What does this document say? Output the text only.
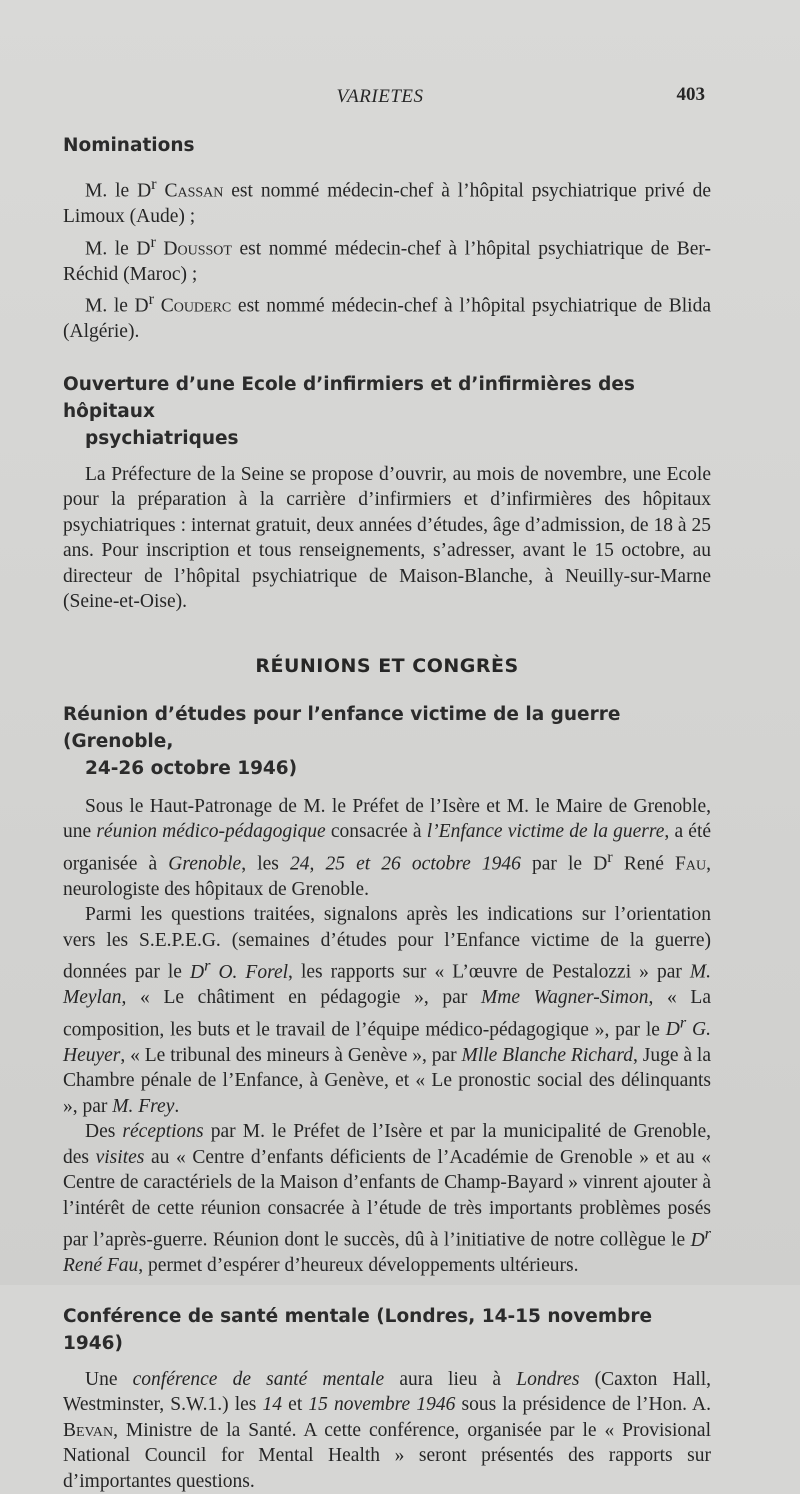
VARIETES	403
Nominations

M. le $D^r$ Cassan est nommé médecin-chef à l’hôpital psychiatrique privé de Limoux (Aude) ;

M. le $D^r$ Doussot est nommé médecin-chef à l’hôpital psychiatrique de Ber-Réchid (Maroc) ;

M. le $D^r$ Couderc est nommé médecin-chef à l’hôpital psychiatrique de Blida (Algérie).

Ouverture d’une Ecole d’infirmiers et d’infirmières des hôpitaux
psychiatriques

La Préfecture de la Seine se propose d’ouvrir, au mois de novembre, une Ecole pour la préparation à la carrière d’infirmiers et d’infirmières des hôpitaux psychiatriques : internat gratuit, deux années d’études, âge d’admission, de 18 à 25 ans. Pour inscription et tous renseignements, s’adresser, avant le 15 octobre, au directeur de l’hôpital psychiatrique de Maison-Blanche, à Neuilly-sur-Marne (Seine-et-Oise).

RÉUNIONS ET CONGRÈS
Réunion d’études pour l’enfance victime de la guerre (Grenoble,
24-26 octobre 1946)

Sous le Haut-Patronage de M. le Préfet de l’Isère et M. le Maire de Grenoble, une réunion médico-pédagogique consacrée à l’Enfance victime de la guerre, a été organisée à Grenoble, les 24, 25 et 26 octobre 1946 par le $D^r$ René Fau, neurologiste des hôpitaux de Grenoble.

Parmi les questions traitées, signalons après les indications sur l’orientation vers les S.E.P.E.G. (semaines d’études pour l’Enfance victime de la guerre) données par le $D^r$ O. Forel, les rapports sur « L’œuvre de Pestalozzi » par M. Meylan, « Le châtiment en pédagogie », par Mme Wagner-Simon, « La composition, les buts et le travail de l’équipe médico-pédagogique », par le $D^r$ G. Heuyer, « Le tribunal des mineurs à Genève », par Mlle Blanche Richard, Juge à la Chambre pénale de l’Enfance, à Genève, et « Le pronostic social des délinquants », par M. Frey.

Des réceptions par M. le Préfet de l’Isère et par la municipalité de Grenoble, des visites au « Centre d’enfants déficients de l’Académie de Grenoble » et au « Centre de caractériels de la Maison d’enfants de Champ-Bayard » vinrent ajouter à l’intérêt de cette réunion consacrée à l’étude de très importants problèmes posés par l’après-guerre. Réunion dont le succès, dû à l’initiative de notre collègue le $D^r$ René Fau, permet d’espérer d’heureux développements ultérieurs.

Conférence de santé mentale (Londres, 14-15 novembre 1946)

Une conférence de santé mentale aura lieu à Londres (Caxton Hall, Westminster, S.W.1.) les 14 et 15 novembre 1946 sous la présidence de l’Hon. A. Bevan, Ministre de la Santé. A cette conférence, organisée par le « Provisional National Council for Mental Health » seront présentés des rapports sur d’importantes questions.
